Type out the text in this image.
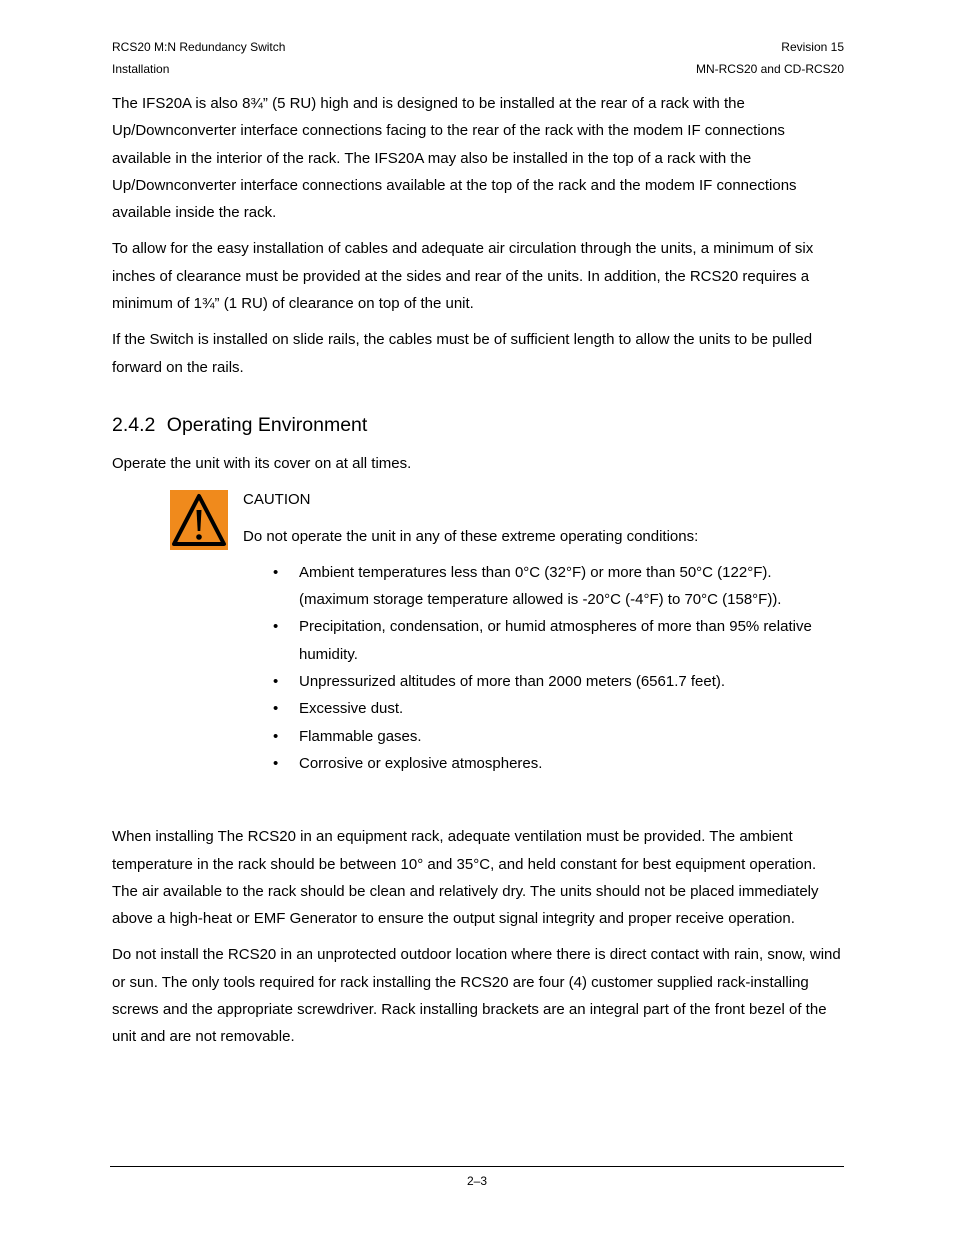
RCS20 M:N Redundancy Switch
Installation
Revision 15
MN-RCS20 and CD-RCS20

The IFS20A is also 8¾” (5 RU) high and is designed to be installed at the rear of a rack with the Up/Downconverter interface connections facing to the rear of the rack with the modem IF connections available in the interior of the rack. The IFS20A may also be installed in the top of a rack with the Up/Downconverter interface connections available at the top of the rack and the modem IF connections available inside the rack.

To allow for the easy installation of cables and adequate air circulation through the units, a minimum of six inches of clearance must be provided at the sides and rear of the units. In addition, the RCS20 requires a minimum of 1¾” (1 RU) of clearance on top of the unit.

If the Switch is installed on slide rails, the cables must be of sufficient length to allow the units to be pulled forward on the rails.

2.4.2 Operating Environment

Operate the unit with its cover on at all times.

CAUTION

Do not operate the unit in any of these extreme operating conditions:

• Ambient temperatures less than 0°C (32°F) or more than 50°C (122°F). (maximum storage temperature allowed is -20°C (-4°F) to 70°C (158°F)).
• Precipitation, condensation, or humid atmospheres of more than 95% relative humidity.
• Unpressurized altitudes of more than 2000 meters (6561.7 feet).
• Excessive dust.
• Flammable gases.
• Corrosive or explosive atmospheres.

When installing The RCS20 in an equipment rack, adequate ventilation must be provided. The ambient temperature in the rack should be between 10° and 35°C, and held constant for best equipment operation. The air available to the rack should be clean and relatively dry. The units should not be placed immediately above a high-heat or EMF Generator to ensure the output signal integrity and proper receive operation.

Do not install the RCS20 in an unprotected outdoor location where there is direct contact with rain, snow, wind or sun. The only tools required for rack installing the RCS20 are four (4) customer supplied rack-installing screws and the appropriate screwdriver. Rack installing brackets are an integral part of the front bezel of the unit and are not removable.

2–3
